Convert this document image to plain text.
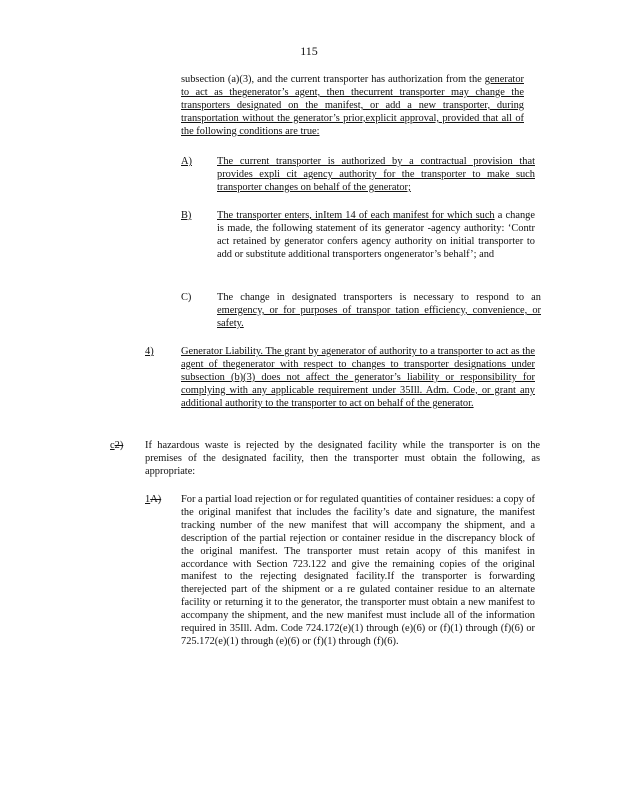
115
subsection (a)(3), and the current transporter has authorization from the generator to act as thegenerator’s agent, then thecurrent transporter may change the transporters designated on the manifest, or add a new transporter, during transportation without the generator’s prior,explicit approval, provided that all of the following conditions are true:
A) The current transporter is authorized by a contractual provision that provides expli cit agency authority for the transporter to make such transporter changes on behalf of the generator;
B) The transporter enters, inItem 14 of each manifest for which such a change is made, the following statement of its generator -agency authority: ‘Contr act retained by generator confers agency authority on initial transporter to add or substitute additional transporters ongenerator’s behalf’; and
C) The change in designated transporters is necessary to respond to an emergency, or for purposes of transpor tation efficiency, convenience, or safety.
4)	Generator Liability. The grant by agenerator of authority to a transporter to act as the agent of thegenerator with respect to changes to transporter designations under subsection (b)(3) does not affect the generator’s liability or responsibility for complying with any applicable requirement under 35Ill. Adm. Code, or grant any additional authority to the transporter to act on behalf of the generator.
c2) If hazardous waste is rejected by the designated facility while the transporter is on the premises of the designated facility, then the transporter must obtain the following, as appropriate:
1A) For a partial load rejection or for regulated quantities of container residues: a copy of the original manifest that includes the facility’s date and signature, the manifest tracking number of the new manifest that will accompany the shipment, and a description of the partial rejection or container residue in the discrepancy block of the original manifest. The transporter must retain acopy of this manifest in accordance with Section 723.122 and give the remaining copies of the original manifest to the rejecting designated facility.If the transporter is forwarding therejected part of the shipment or a re gulated container residue to an alternate facility or returning it to the generator, the transporter must obtain a new manifest to accompany the shipment, and the new manifest must include all of the information required in 35Ill. Adm. Code 724.172(e)(1) through (e)(6) or (f)(1) through (f)(6) or 725.172(e)(1) through (e)(6) or (f)(1) through (f)(6).
